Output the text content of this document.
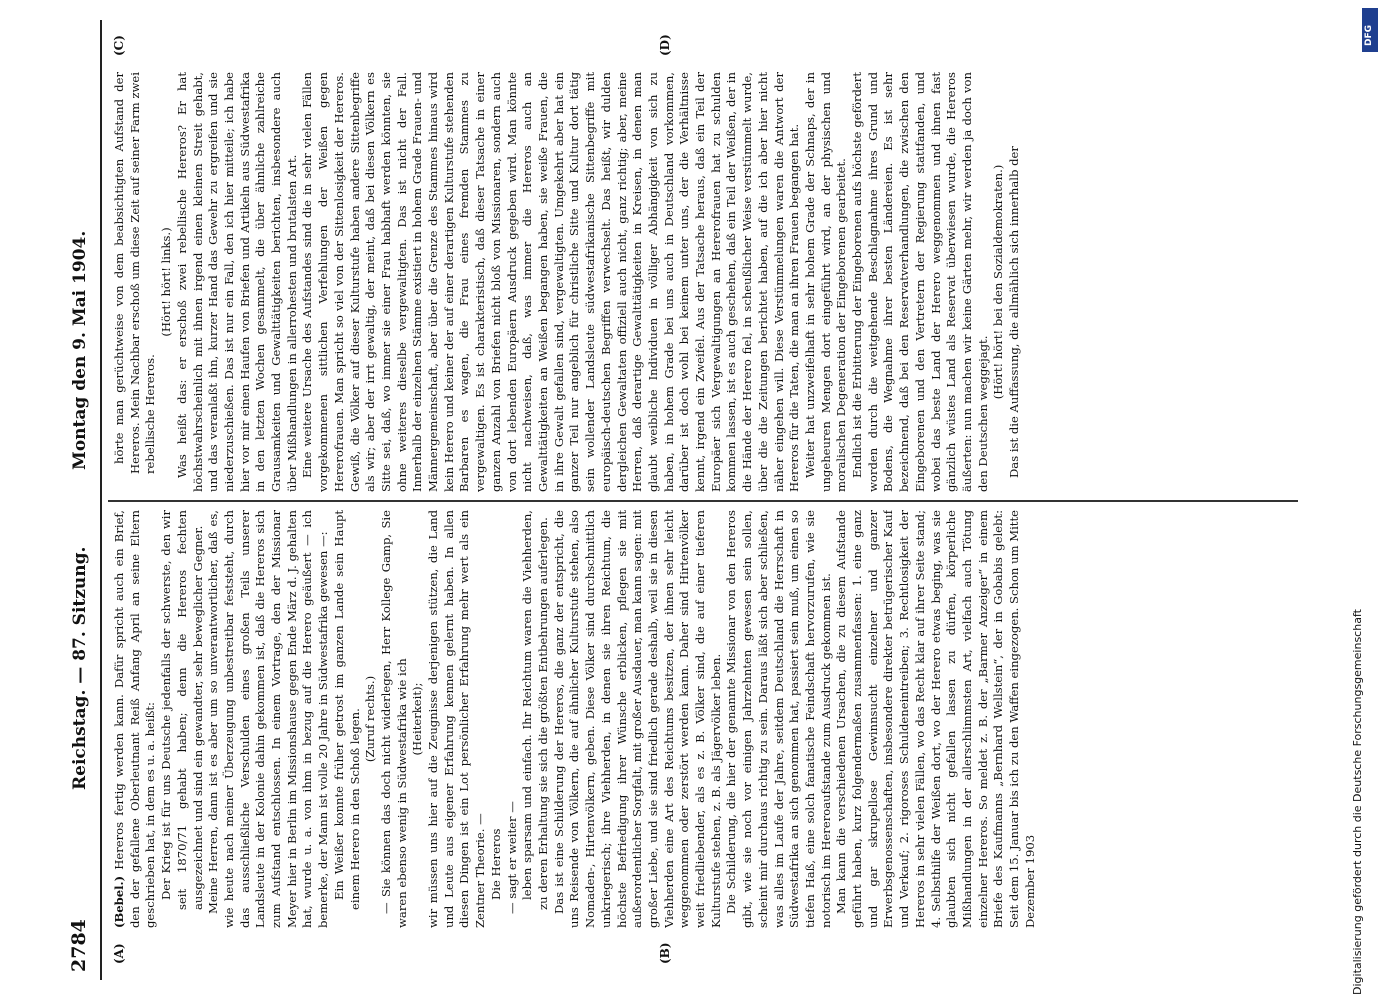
2784
Reichstag. — 87. Sitzung.
Montag den 9. Mai 1904.
(A)	(B)
(C)	(D)

(Bebel.) Hereros fertig werden kann. Dafür spricht auch ein Brief, den der gefallene Oberleutnant Reiß Anfang April an seine Eltern geschrieben hat, in dem es u. a. heißt: Der Krieg ist für uns Deutsche jedenfalls der schwerste, den wir seit 1870/71 gehabt haben; denn die Hereros fechten ausgezeichnet und sind ein gewandter, sehr beweglicher Gegner. Meine Herren, dann ist es aber um so unverantwortlicher, daß es, wie heute nach meiner Überzeugung unbestreitbar feststeht, durch das ausschließliche Verschulden eines großen Teils unserer Landsleute in der Kolonie dahin gekommen ist, daß die Hereros sich zum Aufstand entschlossen. In einem Vortrage, den der Missionar Meyer hier in Berlin im Missionshause gegen Ende März d. J. gehalten hat, wurde u. a. von ihm in bezug auf die Herero geäußert — ich bemerke, der Mann ist volle 20 Jahre in Südwestafrika gewesen —: Ein Weißer konnte früher getrost im ganzen Lande sein Haupt einem Herero in den Schoß legen. (Zuruf rechts.) — Sie können das doch nicht widerlegen, Herr Kollege Gamp, Sie waren ebenso wenig in Südwestafrika wie ich (Heiterkeit); wir müssen uns hier auf die Zeugnisse derjenigen stützen, die Land und Leute aus eigener Erfahrung kennen gelernt haben. In allen diesen Dingen ist ein Lot persönlicher Erfahrung mehr wert als ein Zentner Theorie. — Die Hereros — sagt er weiter — leben sparsam und einfach. Ihr Reichtum waren die Viehherden, zu deren Erhaltung sie sich die größten Entbehrungen auferlegen. Das ist eine Schilderung der Hereros, die ganz der entspricht, die uns Reisende von Völkern, die auf ähnlicher Kulturstufe stehen, also Nomaden-, Hirtenvölkern, geben. Diese Völker sind durchschnittlich unkriegerisch; ihre Viehherden, in denen sie ihren Reichtum, die höchste Befriedigung ihrer Wünsche erblicken, pflegen sie mit außerordentlicher Sorgfalt, mit großer Ausdauer, man kann sagen: mit großer Liebe, und sie sind friedlich gerade deshalb, weil sie in diesen Viehherden eine Art des Reichtums besitzen, der ihnen sehr leicht weggenommen oder zerstört werden kann. Daher sind Hirtenvölker weit friedliebender, als es z. B. Völker sind, die auf einer tieferen Kulturstufe stehen, z. B. als Jägervölker leben. Die Schilderung, die hier der genannte Missionar von den Hereros gibt, wie sie noch vor einigen Jahrzehnten gewesen sein sollen, scheint mir durchaus richtig zu sein. Daraus läßt sich aber schließen, was alles im Laufe der Jahre, seitdem Deutschland die Herrschaft in Südwestafrika an sich genommen hat, passiert sein muß, um einen so tiefen Haß, eine solch fanatische Feindschaft hervorzurufen, wie sie notorisch im Hereroaufstande zum Ausdruck gekommen ist. Man kann die verschiedenen Ursachen, die zu diesem Aufstande geführt haben, kurz folgendermaßen zusammenfassen: 1. eine ganz und gar skrupellose Gewinnsucht einzelner und ganzer Erwerbsgenossenschaften, insbesondere direkter betrügerischer Kauf und Verkauf; 2. rigoroses Schuldeneintreiben; 3. Rechtlosigkeit der Hereros in sehr vielen Fällen, wo das Recht klar auf ihrer Seite stand; 4. Selbsthilfe der Weißen dort, wo der Herero etwas beging, was sie glaubten sich nicht gefallen lassen zu dürfen, körperliche Mißhandlungen in der allerschlimmsten Art, vielfach auch Tötung einzelner Hereros. So meldet z. B. der „Barmer Anzeiger“ in einem Briefe des Kaufmanns „Bernhard Wellstein“, der in Gobabis gelebt: Seit dem 15. Januar bis ich zu den Waffen eingezogen. Schon um Mitte Dezember 1903

hörte man gerüchtweise von dem beabsichtigten Aufstand der Hereros. Mein Nachbar erschoß um diese Zeit auf seiner Farm zwei rebellische Hereros.

(Hört! hört! links.) Was heißt das: er erschoß zwei rebellische Hereros? Er hat höchstwahrscheinlich mit ihnen irgend einen kleinen Streit gehabt, und das veranlaßt ihn, kurzer Hand das Gewehr zu ergreifen und sie niederzuschießen. Das ist nur ein Fall, den ich hier mitteile; ich habe hier vor mir einen Haufen von Briefen und Artikeln aus Südwestafrika in den letzten Wochen gesammelt, die über ähnliche zahlreiche Grausamkeiten und Gewalttätigkeiten berichten, insbesondere auch über Mißhandlungen in allerrohesten und brutalsten Art. Eine weitere Ursache des Aufstandes sind die in sehr vielen Fällen vorgekommenen sittlichen Verfehlungen der Weißen gegen Hererofrauen. Man spricht so viel von der Sittenlosigkeit der Hereros. Gewiß, die Völker auf dieser Kulturstufe haben andere Sittenbegriffe als wir; aber der irrt gewaltig, der meint, daß bei diesen Völkern es Sitte sei, daß, wo immer sie einer Frau habhaft werden könnten, sie ohne weiteres dieselbe vergewaltigten. Das ist nicht der Fall. Innerhalb der einzelnen Stämme existiert in hohem Grade Frauen- und Männergemeinschaft, aber über die Grenze des Stammes hinaus wird kein Herero und keiner der auf einer derartigen Kulturstufe stehenden Barbaren es wagen, die Frau eines fremden Stammes zu vergewaltigen. Es ist charakteristisch, daß dieser Tatsache in einer ganzen Anzahl von Briefen nicht bloß von Missionaren, sondern auch von dort lebenden Europäern Ausdruck gegeben wird. Man könnte nicht nachweisen, daß, was immer die Hereros auch an Gewalttätigkeiten an Weißen begangen haben, sie weiße Frauen, die in ihre Gewalt gefallen sind, vergewaltigten. Umgekehrt aber hat ein ganzer Teil nur angeblich für christliche Sitte und Kultur dort tätig sein wollender Landsleute südwestafrikanische Sittenbegriffe mit europäisch-deutschen Begriffen verwechselt. Das heißt, wir dulden dergleichen Gewaltaten offiziell auch nicht, ganz richtig; aber, meine Herren, daß derartige Gewalttätigkeiten in Kreisen, in denen man glaubt weibliche Individuen in völliger Abhängigkeit von sich zu haben, in hohem Grade bei uns auch in Deutschland vorkommen, darüber ist doch wohl bei keinem unter uns, der die Verhältnisse kennt, irgend ein Zweifel. Aus der Tatsache heraus, daß ein Teil der Europäer sich Vergewaltigungen an Hererofrauen hat zu schulden kommen lassen, ist es auch geschehen, daß ein Teil der Weißen, der in die Hände der Herero fiel, in scheußlicher Weise verstümmelt wurde, über die die Zeitungen berichtet haben, auf die ich aber hier nicht näher eingehen will. Diese Verstümmelungen waren die Antwort der Hereros für die Taten, die man an ihren Frauen begangen hat. Weiter hat unzweifelhaft in sehr hohem Grade der Schnaps, der in ungeheuren Mengen dort eingeführt wird, an der physischen und moralischen Degeneration der Eingeborenen gearbeitet. Endlich ist die Erbitterung der Eingeborenen aufs höchste gefördert worden durch die weitgehende Beschlagnahme ihres Grund und Bodens, die Wegnahme ihrer besten Ländereien. Es ist sehr bezeichnend, daß bei den Reservatverhandlungen, die zwischen den Eingeborenen und den Vertretern der Regierung stattfanden, und wobei das beste Land der Herero weggenommen und ihnen fast gänzlich wüstes Land als Reservat überwiesen wurde, die Hereros äußerten: nun machen wir keine Gärten mehr, wir werden ja doch von den Deutschen weggejagt.

(Hört! hört! bei den Sozialdemokraten.) Das ist die Auffassung, die allmählich sich innerhalb der

Digitalisierung gefördert durch die Deutsche Forschungsgemeinschaft
DFG
